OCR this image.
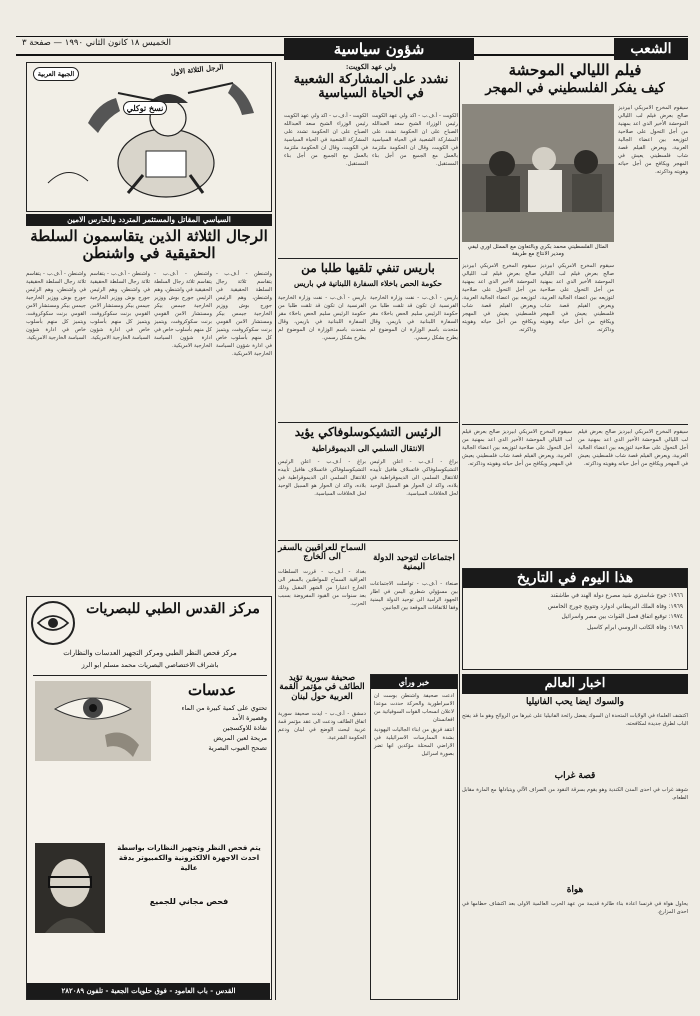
الخميس ١٨ كانون الثاني ١٩٩٠ — صفحة ٣	شؤون سياسية	الشعب
الرجل الثلاثة الاول
نسخ توكلي
الجبهة العربية
السياسي المقاتل والمستثمر المتردد والحارس الامين
الرجال الثلاثة الذين يتقاسمون السلطة الحقيقية في واشنطن
واشنطن - أ.ف.ب - يتقاسم ثلاثة رجال السلطة الحقيقية في واشنطن، وهم الرئيس جورج بوش ووزير الخارجية جيمس بيكر ومستشار الامن القومي برنت سكوكروفت، ويتميز كل منهم بأسلوب خاص في ادارة شؤون السياسة الخارجية الامريكية.
واشنطن - أ.ف.ب - يتقاسم ثلاثة رجال السلطة الحقيقية في واشنطن، وهم الرئيس جورج بوش ووزير الخارجية جيمس بيكر ومستشار الامن القومي برنت سكوكروفت، ويتميز كل منهم بأسلوب خاص في ادارة شؤون السياسة الخارجية الامريكية.
واشنطن - أ.ف.ب - يتقاسم ثلاثة رجال السلطة الحقيقية في واشنطن، وهم الرئيس جورج بوش ووزير الخارجية جيمس بيكر ومستشار الامن القومي برنت سكوكروفت، ويتميز كل منهم بأسلوب خاص في ادارة شؤون السياسة الخارجية الامريكية.
واشنطن - أ.ف.ب - يتقاسم ثلاثة رجال السلطة الحقيقية في واشنطن، وهم الرئيس جورج بوش ووزير الخارجية جيمس بيكر ومستشار الامن القومي برنت سكوكروفت، ويتميز كل منهم بأسلوب خاص في ادارة شؤون السياسة الخارجية الامريكية.
باريس تنفي تلقيها طلبا من
حكومة الحص باخلاء السفارة اللبنانية في باريس
باريس - أ.ف.ب - نفت وزارة الخارجية الفرنسية ان تكون قد تلقت طلبا من حكومة الرئيس سليم الحص باخلاء مقر السفارة اللبنانية في باريس، وقال متحدث باسم الوزارة ان الموضوع لم يطرح بشكل رسمي.
باريس - أ.ف.ب - نفت وزارة الخارجية الفرنسية ان تكون قد تلقت طلبا من حكومة الرئيس سليم الحص باخلاء مقر السفارة اللبنانية في باريس، وقال متحدث باسم الوزارة ان الموضوع لم يطرح بشكل رسمي.
ولي عهد الكويت:
نشدد على المشاركة الشعبية في الحياة السياسية
الكويت - أ.ف.ب - اكد ولي عهد الكويت رئيس الوزراء الشيخ سعد العبدالله الصباح على ان الحكومة تشدد على المشاركة الشعبية في الحياة السياسية في الكويت، وقال ان الحكومة ملتزمة بالعمل مع الجميع من أجل بناء المستقبل.
الكويت - أ.ف.ب - اكد ولي عهد الكويت رئيس الوزراء الشيخ سعد العبدالله الصباح على ان الحكومة تشدد على المشاركة الشعبية في الحياة السياسية في الكويت، وقال ان الحكومة ملتزمة بالعمل مع الجميع من أجل بناء المستقبل.
فيلم الليالي الموحشة
كيف يفكر الفلسطيني في المهجر
المثال الفلسطيني محمد بكري وبالتعاون مع الممثل اوري ليفي ومدير الانتاج مع طريقة
سيقوم المخرج الامريكي ابيرديز صالح بعرض فيلم لب الليالي الموحشة الأخير الذي اعد بمهنية من أجل التحول على صلاحية لتوزيعه بين اعضاء الجالية العربية، ويعرض الفيلم قصة شاب فلسطيني يعيش في المهجر ويكافح من أجل حياته وهويته وذاكرته.
سيقوم المخرج الامريكي ابيرديز صالح بعرض فيلم لب الليالي الموحشة الأخير الذي اعد بمهنية من أجل التحول على صلاحية لتوزيعه بين اعضاء الجالية العربية، ويعرض الفيلم قصة شاب فلسطيني يعيش في المهجر ويكافح من أجل حياته وهويته وذاكرته.
سيقوم المخرج الامريكي ابيرديز صالح بعرض فيلم لب الليالي الموحشة الأخير الذي اعد بمهنية من أجل التحول على صلاحية لتوزيعه بين اعضاء الجالية العربية، ويعرض الفيلم قصة شاب فلسطيني يعيش في المهجر ويكافح من أجل حياته وهويته وذاكرته.
الرئيس التشيكوسلوفاكي يؤيد
الانتقال السلمي الى الديموقراطية
براغ - أ.ف.ب - اعلن الرئيس التشيكوسلوفاكي فاتسلاف هافيل تأييده للانتقال السلمي الى الديموقراطية في بلاده، واكد ان الحوار هو السبيل الوحيد لحل الخلافات السياسية.
براغ - أ.ف.ب - اعلن الرئيس التشيكوسلوفاكي فاتسلاف هافيل تأييده للانتقال السلمي الى الديموقراطية في بلاده، واكد ان الحوار هو السبيل الوحيد لحل الخلافات السياسية.
السماح للعراقيين بالسفر الى الخارج
بغداد - أ.ف.ب - قررت السلطات العراقية السماح للمواطنين بالسفر الى الخارج اعتبارا من الشهر المقبل وذلك بعد سنوات من القيود المفروضة بسبب الحرب.
اجتماعات لتوحيد الدولة اليمنية
صنعاء - أ.ف.ب - تواصلت الاجتماعات بين مسؤولي شطري اليمن في اطار الجهود الرامية الى توحيد الدولة اليمنية وفقا للاتفاقات الموقعة بين الجانبين.
صحيفة سورية تؤيد الطائف في مؤتمر القمة العربية حول لبنان
دمشق - أ.ف.ب - ايدت صحيفة سورية اتفاق الطائف ودعت الى عقد مؤتمر قمة عربية لبحث الوضع في لبنان ودعم الحكومة الشرعية.
خبر ورأي
ادعت صحيفة واشنطن بوست ان الامبراطورية والحركة حددت موعدا لاعلان انسحاب القوات السوفياتية من افغانستان
انتقد فريق من ابناء الجاليات اليهودية بشدة الممارسات الاسرائيلية في الاراضي المحتلة مؤكدين انها تضر بصورة اسرائيل
هذا اليوم في التاريخ
١٩٦٦: جوج شاستري شيد مصرع دولة الهند في طاشقند
١٩٦٩: وفاة الملك البريطاني ادوارد وتتويج جورج الخامس
١٩٧٤: توقيع اتفاق فصل القوات بين مصر واسرائيل
١٩٨٦: وفاة الكاتب الروسي ابرام كاسيل
اخبار العالم
والسوك ايضا يحب الفانيليا
اكتشف العلماء في الولايات المتحدة ان السوك يفضل رائحة الفانيليا على غيرها من الروائح وهو ما قد يفتح الباب لطرق جديدة لمكافحته.
قصة غراب
شوهد غراب في احدى المدن الكندية وهو يقوم بسرقة النقود من الصراف الآلي ويتبادلها مع المارة مقابل الطعام.
هواة
يحاول هواة في فرنسا اعادة بناء طائرة قديمة من عهد الحرب العالمية الاولى بعد اكتشاف حطامها في احدى المزارع.
مركز القدس الطبي للبصريات
مركز فحص النظر الطبي ومركز التجهيز العدسات والنظارات
باشراف الاختصاصي البصريات محمد مسلم ابو الرز
عدسات
تحتوي على كمية كبيرة من الماء
وقصيرة الأمد
نفاذة للاوكسجين
مريحة لعين المريض
تصحح العيوب البصرية
يتم فحص النظر وتجهيز النظارات بواسطة احدث الاجهزة الالكترونية والكمبيوتر بدقة عالية
فحص مجاني للجميع
القدس - باب العامود - فوق حلويات الجعبة - تلفون ٢٨٢٠٨٩
سيقوم المخرج الامريكي ابيرديز صالح بعرض فيلم لب الليالي الموحشة الأخير الذي اعد بمهنية من أجل التحول على صلاحية لتوزيعه بين اعضاء الجالية العربية، ويعرض الفيلم قصة شاب فلسطيني يعيش في المهجر ويكافح من أجل حياته وهويته وذاكرته.
سيقوم المخرج الامريكي ابيرديز صالح بعرض فيلم لب الليالي الموحشة الأخير الذي اعد بمهنية من أجل التحول على صلاحية لتوزيعه بين اعضاء الجالية العربية، ويعرض الفيلم قصة شاب فلسطيني يعيش في المهجر ويكافح من أجل حياته وهويته وذاكرته.
